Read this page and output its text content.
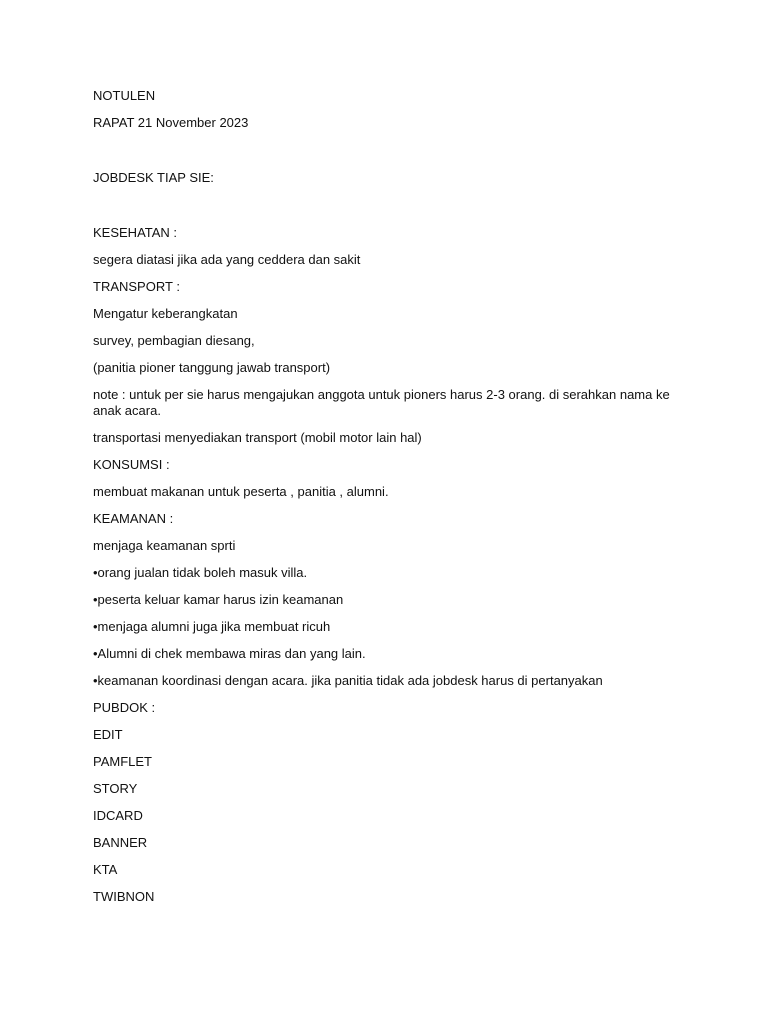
NOTULEN

RAPAT 21 November 2023

JOBDESK TIAP SIE:

KESEHATAN :

segera diatasi jika ada yang ceddera dan sakit

TRANSPORT :

Mengatur keberangkatan

survey, pembagian diesang,

(panitia pioner tanggung jawab transport)

note : untuk per sie harus mengajukan anggota untuk pioners harus 2-3 orang. di serahkan nama ke anak acara.

transportasi menyediakan transport (mobil motor lain hal)

KONSUMSI :

membuat makanan untuk peserta , panitia , alumni.

KEAMANAN :

menjaga keamanan sprti

•orang jualan tidak boleh masuk villa.

•peserta keluar kamar harus izin keamanan

•menjaga alumni juga jika membuat ricuh

•Alumni di chek membawa miras dan yang lain.

•keamanan koordinasi dengan acara. jika panitia tidak ada jobdesk harus di pertanyakan

PUBDOK :

EDIT

PAMFLET

STORY

IDCARD

BANNER

KTA

TWIBNON
